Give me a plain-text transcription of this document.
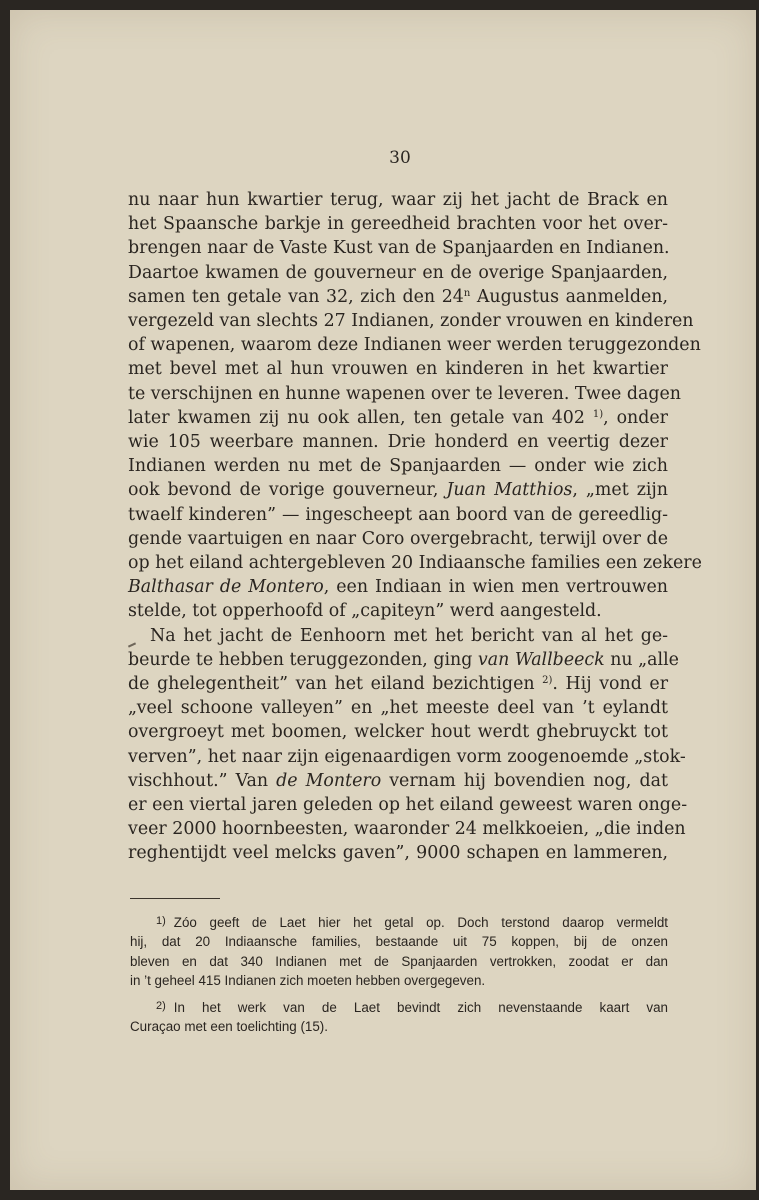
30
nu naar hun kwartier terug, waar zij het jacht de Brack en
het Spaansche barkje in gereedheid brachten voor het over-
brengen naar de Vaste Kust van de Spanjaarden en Indianen.
Daartoe kwamen de gouverneur en de overige Spanjaarden,
samen ten getale van 32, zich den 24$^n$ Augustus aanmelden,
vergezeld van slechts 27 Indianen, zonder vrouwen en kinderen
of wapenen, waarom deze Indianen weer werden teruggezonden
met bevel met al hun vrouwen en kinderen in het kwartier
te verschijnen en hunne wapenen over te leveren. Twee dagen
later kwamen zij nu ook allen, ten getale van 402 $^{1)}$, onder
wie 105 weerbare mannen. Drie honderd en veertig dezer
Indianen werden nu met de Spanjaarden — onder wie zich
ook bevond de vorige gouverneur, Juan Matthios, „met zijn
twaelf kinderen” — ingescheept aan boord van de gereedlig-
gende vaartuigen en naar Coro overgebracht, terwijl over de
op het eiland achtergebleven 20 Indiaansche families een zekere
Balthasar de Montero, een Indiaan in wien men vertrouwen
stelde, tot opperhoofd of „capiteyn” werd aangesteld.
Na het jacht de Eenhoorn met het bericht van al het ge-
beurde te hebben teruggezonden, ging van Wallbeeck nu „alle
de ghelegentheit” van het eiland bezichtigen $^{2)}$. Hij vond er
„veel schoone valleyen” en „het meeste deel van ’t eylandt
overgroeyt met boomen, welcker hout werdt ghebruyckt tot
verven”, het naar zijn eigenaardigen vorm zoogenoemde „stok-
vischhout.” Van de Montero vernam hij bovendien nog, dat
er een viertal jaren geleden op het eiland geweest waren onge-
veer 2000 hoornbeesten, waaronder 24 melkkoeien, „die inden
reghentijdt veel melcks gaven”, 9000 schapen en lammeren,
$^{1)}$ Zóo geeft de Laet hier het getal op. Doch terstond daarop vermeldt
hij, dat 20 Indiaansche families, bestaande uit 75 koppen, bij de onzen
bleven en dat 340 Indianen met de Spanjaarden vertrokken, zoodat er dan
in ’t geheel 415 Indianen zich moeten hebben overgegeven.
$^{2)}$ In het werk van de Laet bevindt zich nevenstaande kaart van
Curaçao met een toelichting (15).
